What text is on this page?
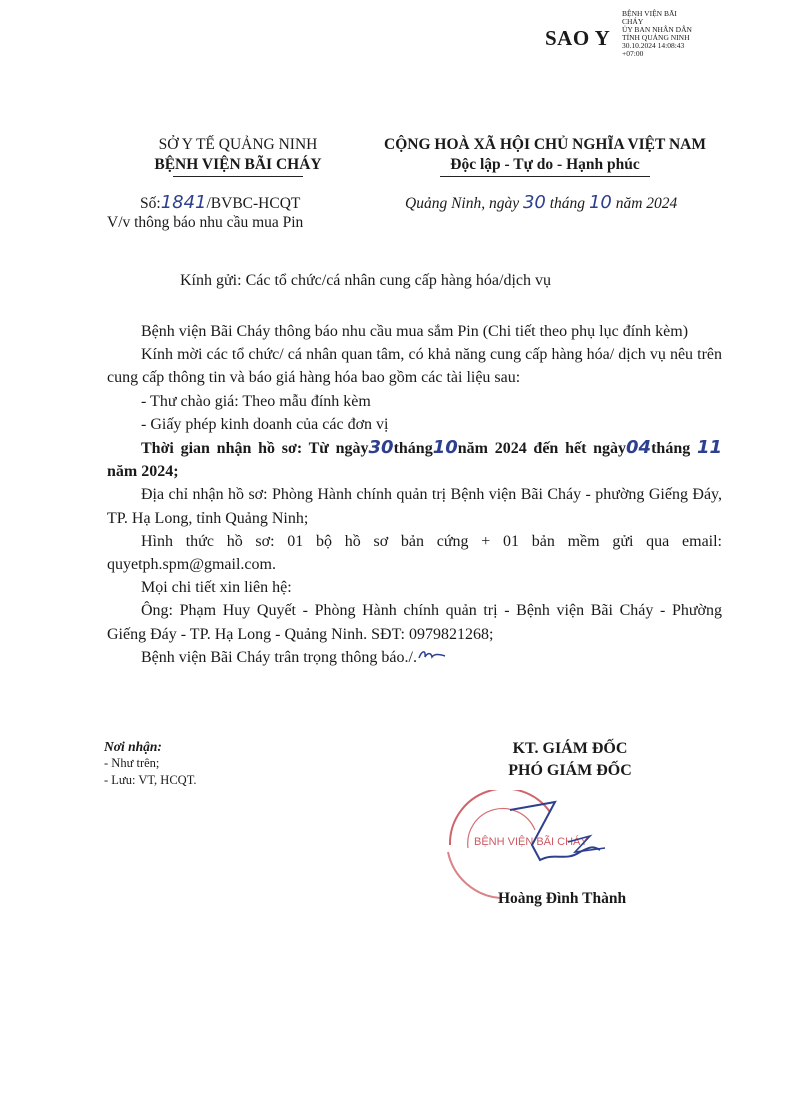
SAO Y
BỆNH VIỆN BÃI
CHÁY
ỦY BAN NHÂN DÂN
TỈNH QUẢNG NINH
30.10.2024 14:08:43
+07:00
SỞ Y TẾ QUẢNG NINH
BỆNH VIỆN BÃI CHÁY
CỘNG HOÀ XÃ HỘI CHỦ NGHĨA VIỆT NAM
Độc lập - Tự do - Hạnh phúc
Số:1841/BVBC-HCQT
V/v thông báo nhu cầu mua Pin
Quảng Ninh, ngày 30 tháng 10 năm 2024
Kính gửi: Các tổ chức/cá nhân cung cấp hàng hóa/dịch vụ
Bệnh viện Bãi Cháy thông báo nhu cầu mua sắm Pin (Chi tiết theo phụ lục đính kèm)
Kính mời các tổ chức/ cá nhân quan tâm, có khả năng cung cấp hàng hóa/ dịch vụ nêu trên cung cấp thông tin và báo giá hàng hóa bao gồm các tài liệu sau:
- Thư chào giá: Theo mẫu đính kèm
- Giấy phép kinh doanh của các đơn vị
Thời gian nhận hồ sơ: Từ ngày30tháng10năm 2024 đến hết ngày04tháng 11 năm 2024;
Địa chỉ nhận hồ sơ: Phòng Hành chính quản trị Bệnh viện Bãi Cháy - phường Giếng Đáy, TP. Hạ Long, tỉnh Quảng Ninh;
Hình thức hồ sơ: 01 bộ hồ sơ bản cứng + 01 bản mềm gửi qua email: quyetph.spm@gmail.com.
Mọi chi tiết xin liên hệ:
Ông: Phạm Huy Quyết - Phòng Hành chính quản trị - Bệnh viện Bãi Cháy - Phường Giếng Đáy - TP. Hạ Long - Quảng Ninh. SĐT: 0979821268;
Bệnh viện Bãi Cháy trân trọng thông báo./.
Nơi nhận:
- Như trên;
- Lưu: VT, HCQT.
KT. GIÁM ĐỐC
PHÓ GIÁM ĐỐC
BỆNH VIỆN BÃI CHÁY
Hoàng Đình Thành
